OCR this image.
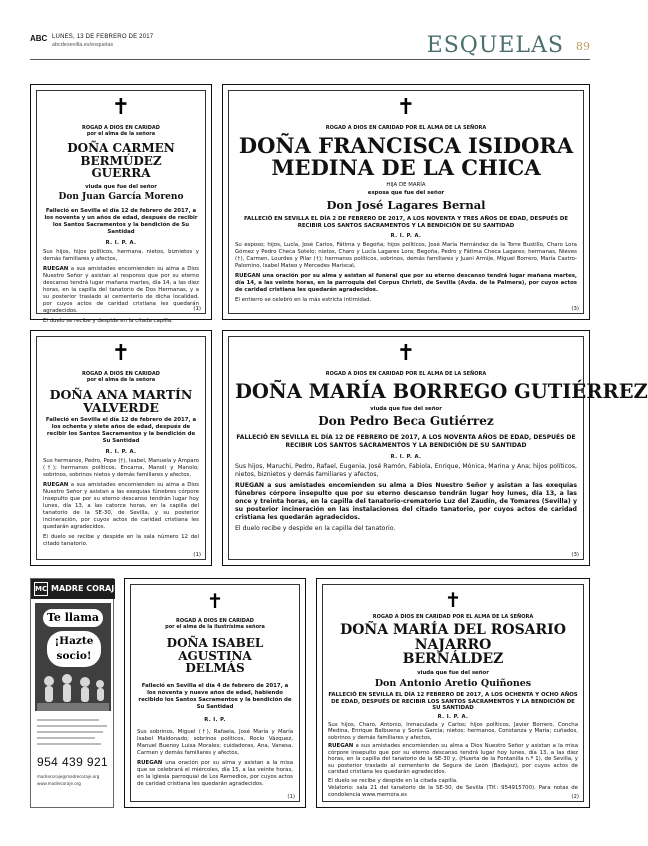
ABC LUNES, 13 DE FEBRERO DE 2017
abcdesevilla.es/esquelas	ESQUELAS 89
✝
ROGAD A DIOS EN CARIDAD
por el alma de la señora
DOÑA CARMEN BERMÚDEZ
GUERRA
viuda que fue del señor
Don Juan García Moreno
Falleció en Sevilla el día 12 de febrero de 2017, a los noventa y un años de edad, después de recibir los Santos Sacramentos y la bendición de Su Santidad
R. I. P. A.
Sus hijos, hijos políticos, hermana, nietos, biznietos y demás familiares y afectos,
RUEGAN a sus amistades encomienden su alma a Dios Nuestro Señor y asistan al responso que por su eterno descanso tendrá lugar mañana martes, día 14, a las diez horas, en la capilla del tanatorio de Dos Hermanas, y a su posterior traslado al cementerio de dicha localidad, por cuyos actos de caridad cristiana les quedarán agradecidos.
El duelo se recibe y despide en la citada capilla.
(1)
✝
ROGAD A DIOS EN CARIDAD POR EL ALMA DE LA SEÑORA
DOÑA FRANCISCA ISIDORA
MEDINA DE LA CHICA
HIJA DE MARÍA
esposa que fue del señor
Don José Lagares Bernal
FALLECIÓ EN SEVILLA EL DÍA 2 DE FEBRERO DE 2017, A LOS NOVENTA Y TRES AÑOS DE EDAD, DESPUÉS DE RECIBIR LOS SANTOS SACRAMENTOS Y LA BENDICIÓN DE SU SANTIDAD
R. I. P. A.
Su esposo; hijos, Lucía, José Carlos, Fátima y Begoña; hijos políticos, José María Hernández de la Torre Bustillo, Charo Lora Gómez y Pedro Checa Sotelo; nietos, Charo y Lucía Lagares Lora; Begoña, Pedro y Fátima Checa Lagares; hermanas, Nieves (†), Carmen, Lourdes y Pilar (†); hermanos políticos, sobrinos, demás familiares y Juani Armije, Miguel Borrero, María Castro-Palomino, Isabel Mateo y Mercedes Mariscal,
RUEGAN una oración por su alma y asistan al funeral que por su eterno descanso tendrá lugar mañana martes, día 14, a las veinte horas, en la parroquia del Corpus Christi, de Sevilla (Avda. de la Palmera), por cuyos actos de caridad cristiana les quedarán agradecidos.
El entierro se celebró en la más estricta intimidad.
(3)
✝
ROGAD A DIOS EN CARIDAD
por el alma de la señora
DOÑA ANA MARTÍN
VALVERDE
Falleció en Sevilla el día 12 de febrero de 2017, a los ochenta y siete años de edad, después de recibir los Santos Sacramentos y la bendición de Su Santidad
R. I. P. A.
Sus hermanos, Pedro, Pepe (†), Isabel, Manuela y Amparo (†); hermanos políticos, Encarna, Manoli y Manolo; sobrinos, sobrinos nietos y demás familiares y afectos,
RUEGAN a sus amistades encomienden su alma a Dios Nuestro Señor y asistan a las exequias fúnebres córpore insepulto que por su eterno descanso tendrán lugar hoy lunes, día 13, a las catorce horas, en la capilla del tanatorio de la SE-30, de Sevilla, y su posterior incineración, por cuyos actos de caridad cristiana les quedarán agradecidos.
El duelo se recibe y despide en la sala número 12 del citado tanatorio.
(1)
✝
ROGAD A DIOS EN CARIDAD POR EL ALMA DE LA SEÑORA
DOÑA MARÍA BORREGO GUTIÉRREZ
viuda que fue del señor
Don Pedro Beca Gutiérrez
FALLECIÓ EN SEVILLA EL DÍA 12 DE FEBRERO DE 2017, A LOS NOVENTA AÑOS DE EDAD, DESPUÉS DE RECIBIR LOS SANTOS SACRAMENTOS Y LA BENDICIÓN DE SU SANTIDAD
R. I. P. A.
Sus hijos, Maruchi, Pedro, Rafael, Eugenia, José Ramón, Fabiola, Enrique, Mónica, Marina y Ana; hijos políticos, nietos, biznietos y demás familiares y afectos,
RUEGAN a sus amistades encomienden su alma a Dios Nuestro Señor y asistan a las exequias fúnebres córpore insepulto que por su eterno descanso tendrán lugar hoy lunes, día 13, a las once y treinta horas, en la capilla del tanatorio-crematorio Luz del Zaudín, de Tomares (Sevilla) y su posterior incineración en las instalaciones del citado tanatorio, por cuyos actos de caridad cristiana les quedarán agradecidos.
El duelo recibe y despide en la capilla del tanatorio.
(3)
MC MADRE CORAJE
Te llama
¡Hazte
socio!
954 439 921
madrecoraje@madrecoraje.org
www.madrecoraje.org
✝
ROGAD A DIOS EN CARIDAD
por el alma de la ilustrísima señora
DOÑA ISABEL AGUSTINA
DELMÁS
Falleció en Sevilla el día 4 de febrero de 2017, a los noventa y nueve años de edad, habiendo recibido los Santos Sacramentos y la bendición de Su Santidad
R. I. P.
Sus sobrinos, Miguel (†), Rafaela, José María y María Isabel Maldonado; sobrinos políticos, Rocío Vázquez, Manuel Buenoy Luisa Morales; cuidadoras, Ana, Vanesa, Carmen y demás familiares y afectos,
RUEGAN una oración por su alma y asistan a la misa que se celebrará el miércoles, día 15, a las veinte horas, en la iglesia parroquial de Los Remedios, por cuyos actos de caridad cristiana les quedarán agradecidos.
(1)
✝
ROGAD A DIOS EN CARIDAD POR EL ALMA DE LA SEÑORA
DOÑA MARÍA DEL ROSARIO NAJARRO
BERNÁLDEZ
viuda que fue del señor
Don Antonio Aretio Quiñones
FALLECIÓ EN SEVILLA EL DÍA 12 FEBRERO DE 2017, A LOS OCHENTA Y OCHO AÑOS DE EDAD, DESPUÉS DE RECIBIR LOS SANTOS SACRAMENTOS Y LA BENDICIÓN DE SU SANTIDAD
R. I. P. A.
Sus hijos, Charo, Antonio, Inmaculada y Carlos; hijos políticos, Javier Borrero, Concha Medina, Enrique Balbuena y Sonia García; nietos; hermanos, Constanza y María; cuñados, sobrinos y demás familiares y afectos,
RUEGAN a sus amistades encomienden su alma a Dios Nuestro Señor y asistan a la misa córpore insepulto que por su eterno descanso tendrá lugar hoy lunes, día 13, a las diez horas, en la capilla del tanatorio de la SE-30 y, (Huerta de la Fontanilla n.º 1), de Sevilla, y su posterior traslado al cementerio de Segura de León (Badajoz), por cuyos actos de caridad cristiana les quedarán agradecidos.
El duelo se recibe y despide en la citada capilla.
Velatorio: sala 21 del tanatorio de la SE-30, de Sevilla (Tlf.: 954915700). Para notas de condolencia www.memora.es	(2)
